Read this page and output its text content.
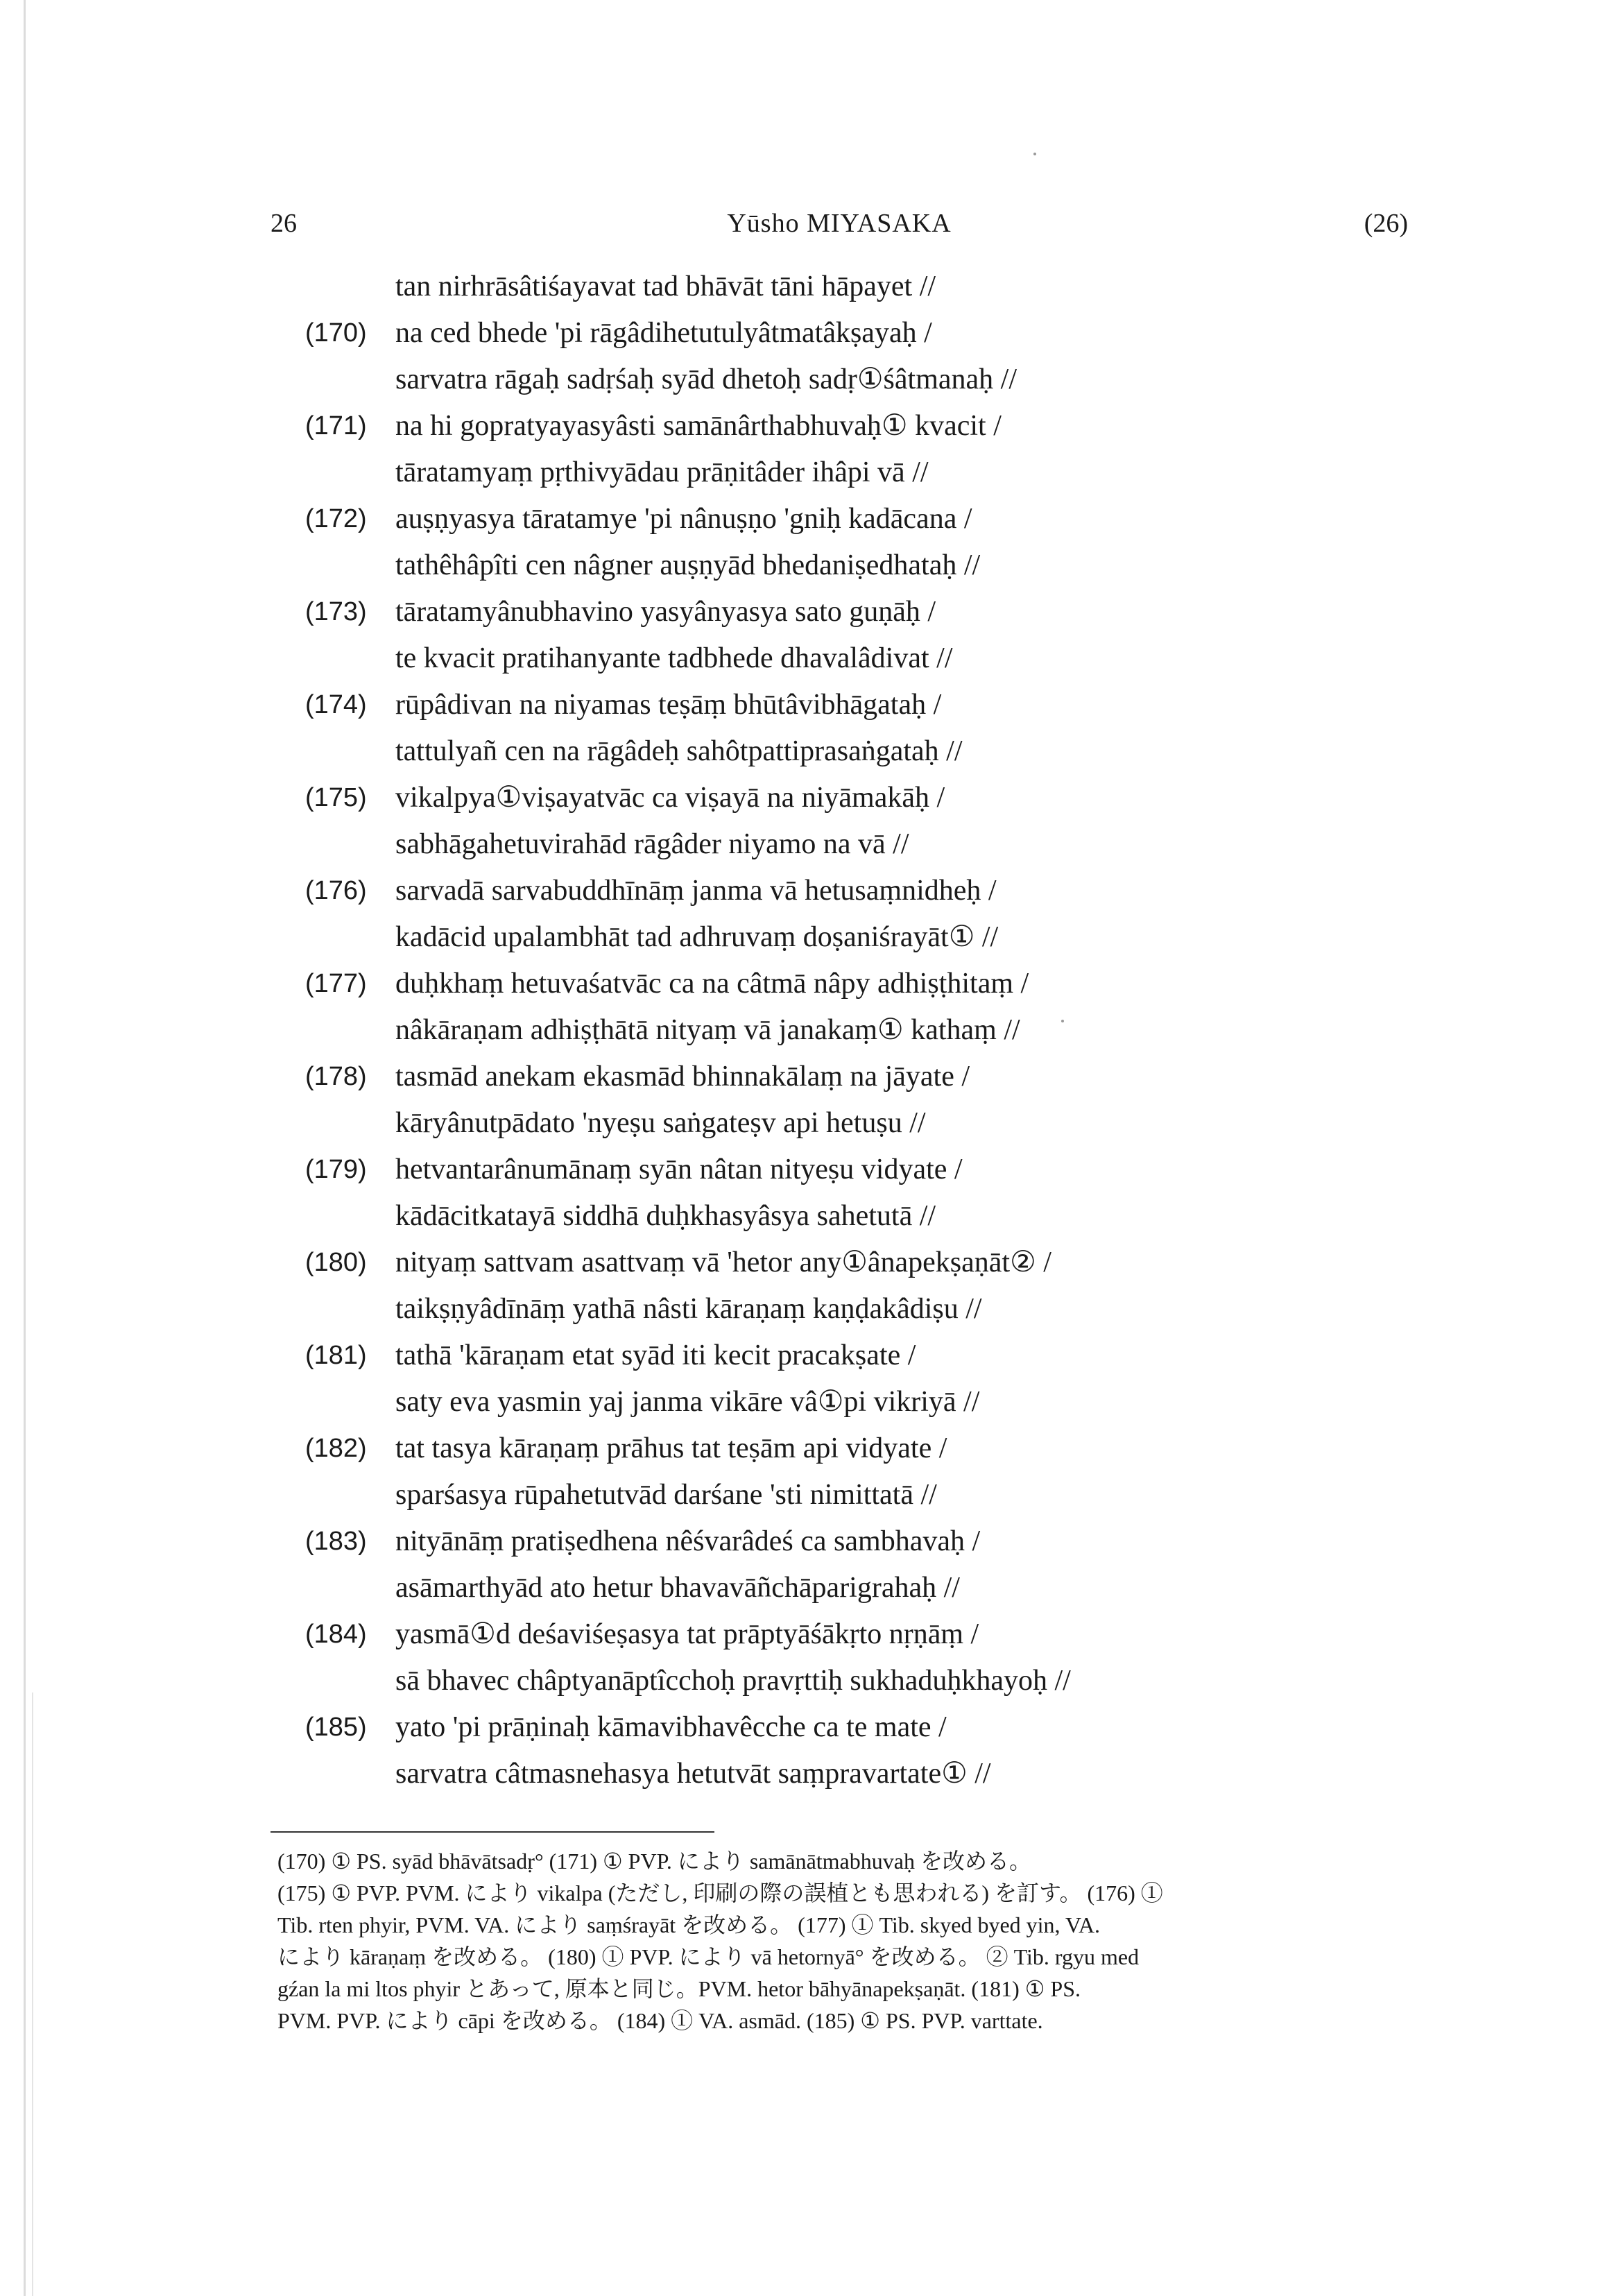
26	Yūsho MIYASAKA	(26)
tan nirhrāsâtiśayavat tad bhāvāt tāni hāpayet //
(170) na ced bhede 'pi rāgâdihetutulyâtmatâkṣayaḥ /
sarvatra rāgaḥ sadṛśaḥ syād dhetoḥ sadṛ①śâtmanaḥ //
(171) na hi gopratyayasyâsti samānârthabhuvaḥ① kvacit /
tāratamyaṃ pṛthivyādau prāṇitâder ihâpi vā //
(172) auṣṇyasya tāratamye 'pi nânuṣṇo 'gniḥ kadācana /
tathêhâpîti cen nâgner auṣṇyād bhedaniṣedhataḥ //
(173) tāratamyânubhavino yasyânyasya sato guṇāḥ /
te kvacit pratihanyante tadbhede dhavalâdivat //
(174) rūpâdivan na niyamas teṣāṃ bhūtâvibhāgataḥ /
tattulyañ cen na rāgâdeḥ sahôtpattiprasaṅgataḥ //
(175) vikalpya①viṣayatvāc ca viṣayā na niyāmakāḥ /
sabhāgahetuvirahād rāgâder niyamo na vā //
(176) sarvadā sarvabuddhīnāṃ janma vā hetusaṃnidheḥ /
kadācid upalambhāt tad adhruvaṃ doṣaniśrayāt① //
(177) duḥkhaṃ hetuvaśatvāc ca na câtmā nâpy adhiṣṭhitaṃ /
nâkāraṇam adhiṣṭhātā nityaṃ vā janakaṃ① kathaṃ //
(178) tasmād anekam ekasmād bhinnakālaṃ na jāyate /
kāryânutpādato 'nyeṣu saṅgateṣv api hetuṣu //
(179) hetvantarânumānaṃ syān nâtan nityeṣu vidyate /
kādācitkatayā siddhā duḥkhasyâsya sahetutā //
(180) nityaṃ sattvam asattvaṃ vā 'hetor any①ânapekṣaṇāt② /
taikṣṇyâdīnāṃ yathā nâsti kāraṇaṃ kaṇḍakâdiṣu //
(181) tathā 'kāraṇam etat syād iti kecit pracakṣate /
saty eva yasmin yaj janma vikāre vâ①pi vikriyā //
(182) tat tasya kāraṇaṃ prāhus tat teṣām api vidyate /
sparśasya rūpahetutvād darśane 'sti nimittatā //
(183) nityānāṃ pratiṣedhena nêśvarâdeś ca sambhavaḥ /
asāmarthyād ato hetur bhavavāñchāparigrahaḥ //
(184) yasmā①d deśaviśeṣasya tat prāptyāśākṛto nṛṇāṃ /
sā bhavec châptyanāptîcchoḥ pravṛttiḥ sukhaduḥkhayoḥ //
(185) yato 'pi prāṇinaḥ kāmavibhavêcche ca te mate /
sarvatra câtmasnehasya hetutvāt saṃpravartate① //
(170) ① PS. syād bhāvātsadṛ° (171) ① PVP. により samānātmabhuvaḥ を改める。
(175) ① PVP. PVM. により vikalpa (ただし, 印刷の際の誤植とも思われる) を訂す。 (176) ①
Tib. rten phyir, PVM. VA. により saṃśrayāt を改める。 (177) ① Tib. skyed byed yin, VA.
により kāraṇaṃ を改める。 (180) ① PVP. により vā hetornyā° を改める。 ② Tib. rgyu med
gźan la mi ltos phyir とあって, 原本と同じ。PVM. hetor bāhyānapekṣaṇāt. (181) ① PS.
PVM. PVP. により cāpi を改める。 (184) ① VA. asmād. (185) ① PS. PVP. varttate.
